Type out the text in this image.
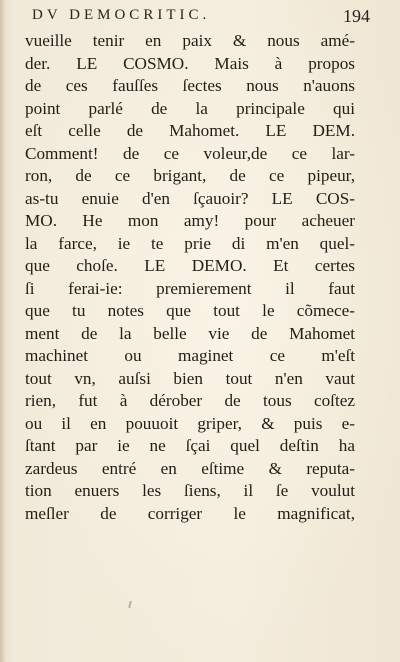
DV DEMOCRITIC.	194
vueille tenir en paix & nous amé-
der. LE COSMO. Mais à propos
de ces fauſſes ſectes nous n'auons
point parlé de la principale qui
eſt celle de Mahomet. LE DEM.
Comment! de ce voleur,de ce lar-
ron, de ce brigant, de ce pipeur,
as-tu enuie d'en ſçauoir? LE COS-
MO. He mon amy! pour acheuer
la farce, ie te prie di m'en quel-
que choſe. LE DEMO. Et certes
ſi ferai-ie: premierement il faut
que tu notes que tout le cõmece-
ment de la belle vie de Mahomet
machinet ou maginet ce m'eſt
tout vn, auſsi bien tout n'en vaut
rien, fut à dérober de tous coſtez
ou il en pouuoit griper, & puis e-
ſtant par ie ne ſçai quel deſtin ha
zardeus entré en eſtime & reputa-
tion enuers les ſiens, il ſe voulut
meſler de corriger le magnificat,
